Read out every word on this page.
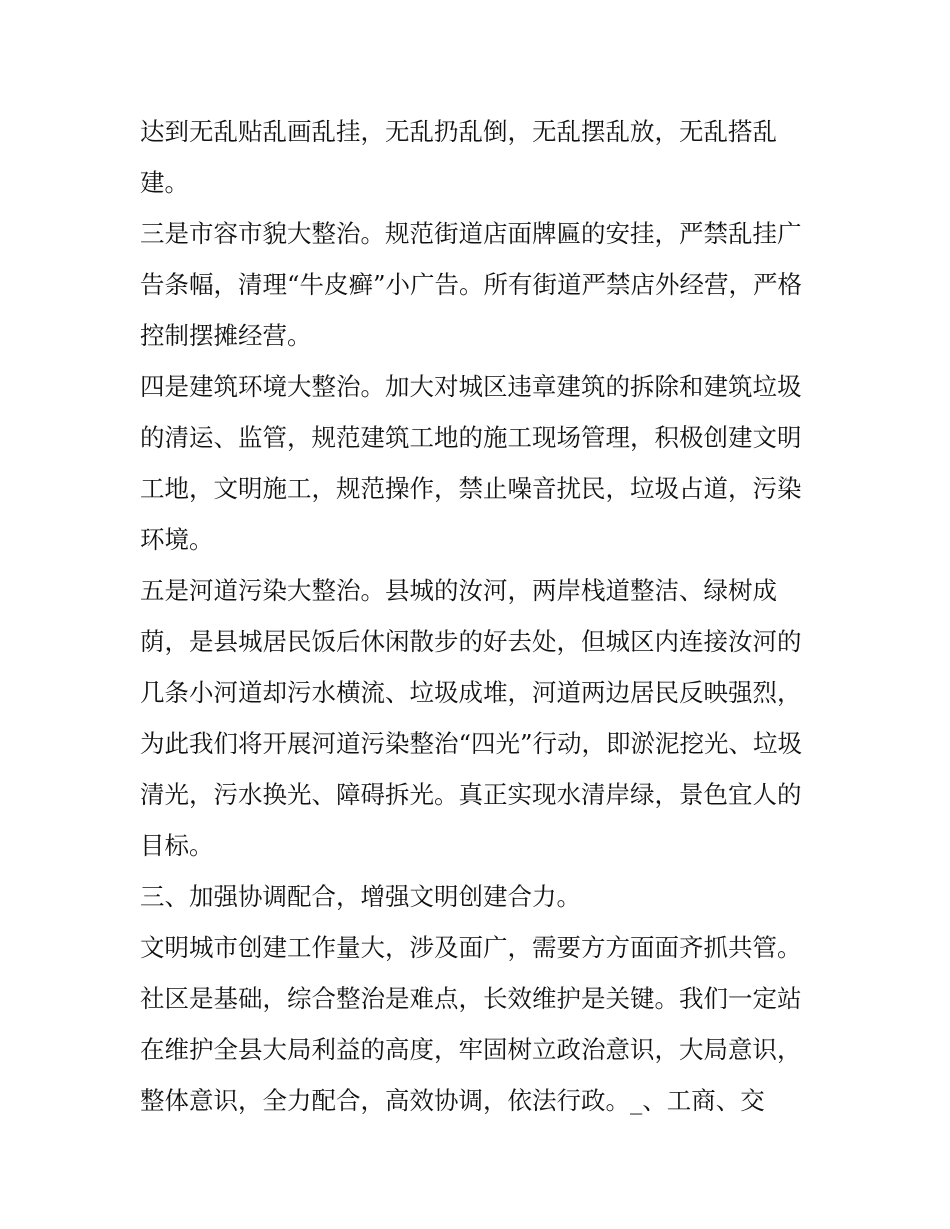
达到无乱贴乱画乱挂，无乱扔乱倒，无乱摆乱放，无乱搭乱
建。
三是市容市貌大整治。规范街道店面牌匾的安挂，严禁乱挂广
告条幅，清理“牛皮癣”小广告。所有街道严禁店外经营，严格
控制摆摊经营。
四是建筑环境大整治。加大对城区违章建筑的拆除和建筑垃圾
的清运、监管，规范建筑工地的施工现场管理，积极创建文明
工地，文明施工，规范操作，禁止噪音扰民，垃圾占道，污染
环境。
五是河道污染大整治。县城的汝河，两岸栈道整洁、绿树成
荫，是县城居民饭后休闲散步的好去处，但城区内连接汝河的
几条小河道却污水横流、垃圾成堆，河道两边居民反映强烈，
为此我们将开展河道污染整治“四光”行动，即淤泥挖光、垃圾
清光，污水换光、障碍拆光。真正实现水清岸绿，景色宜人的
目标。
三、加强协调配合，增强文明创建合力。
文明城市创建工作量大，涉及面广，需要方方面面齐抓共管。
社区是基础，综合整治是难点，长效维护是关键。我们一定站
在维护全县大局利益的高度，牢固树立政治意识，大局意识，
整体意识，全力配合，高效协调，依法行政。_、工商、交
